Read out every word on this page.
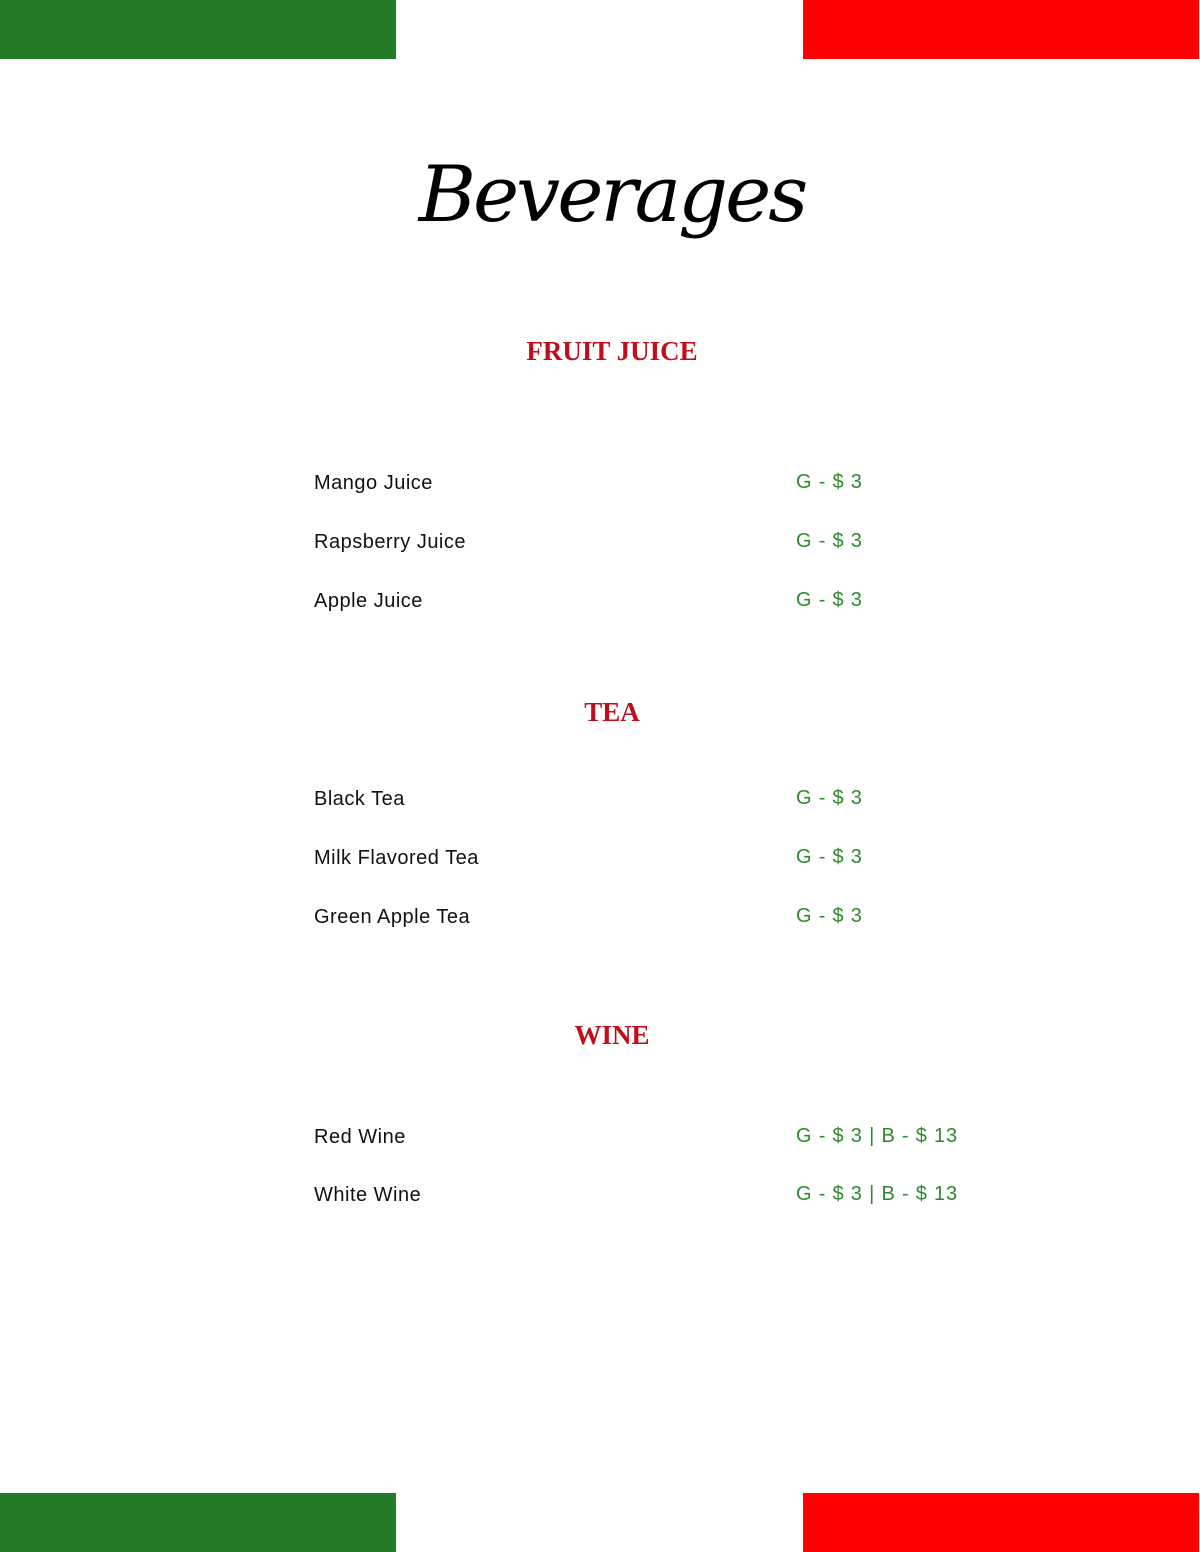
Beverages
FRUIT JUICE
Mango Juice	G - $ 3
Rapsberry Juice	G - $ 3
Apple Juice	G - $ 3
TEA
Black Tea	G - $ 3
Milk Flavored Tea	G - $ 3
Green Apple Tea	G - $ 3
WINE
Red Wine	G - $ 3 | B - $ 13
White Wine	G - $ 3 | B - $ 13
